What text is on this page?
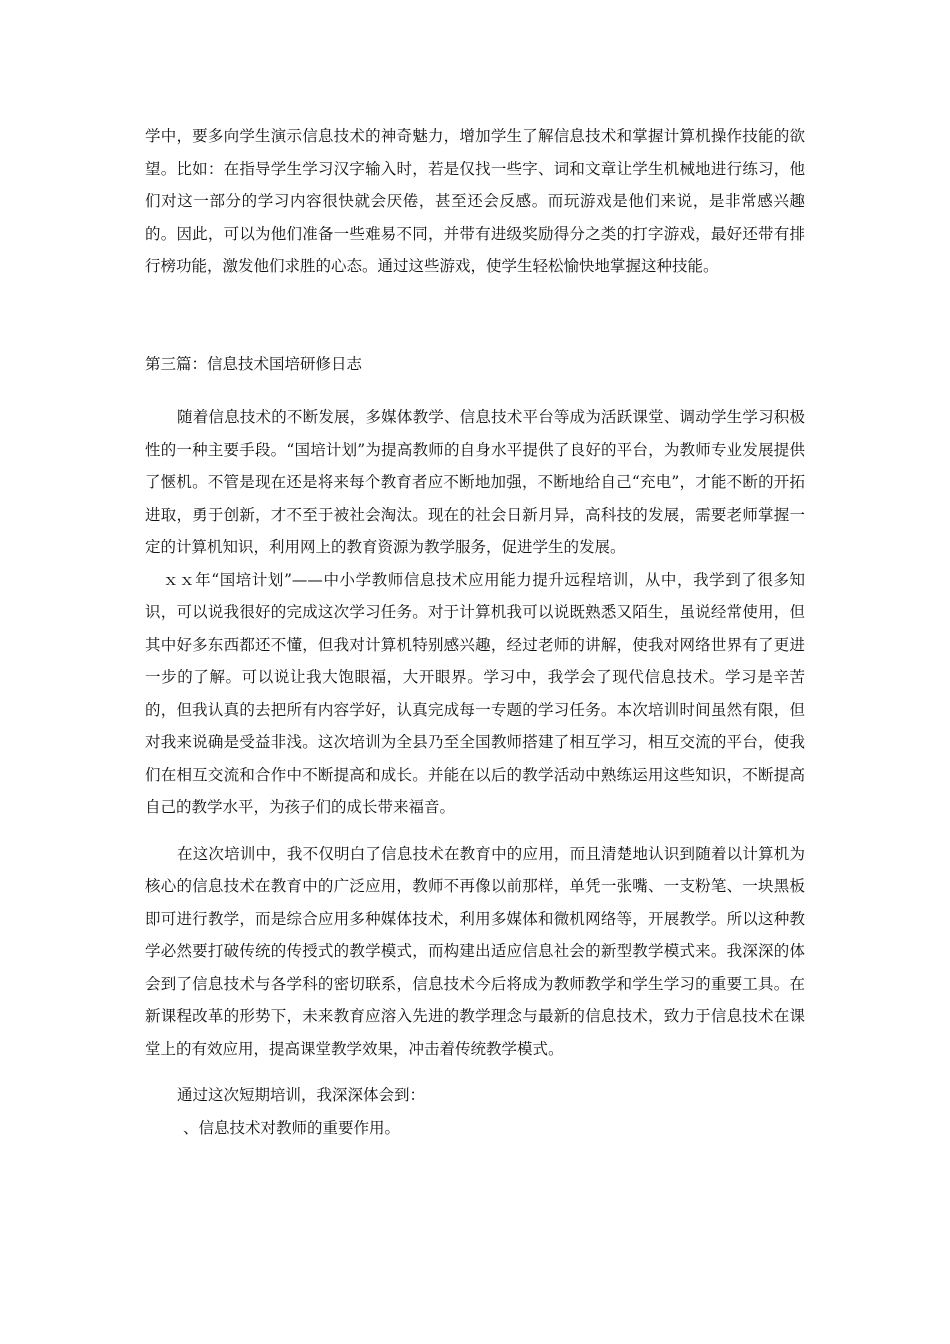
学中，要多向学生演示信息技术的神奇魅力，增加学生了解信息技术和掌握计算机操作技能的欲望。比如：在指导学生学习汉字输入时，若是仅找一些字、词和文章让学生机械地进行练习，他们对这一部分的学习内容很快就会厌倦，甚至还会反感。而玩游戏是他们来说，是非常感兴趣的。因此，可以为他们准备一些难易不同，并带有进级奖励得分之类的打字游戏，最好还带有排行榜功能，激发他们求胜的心态。通过这些游戏，使学生轻松愉快地掌握这种技能。

第三篇：信息技术国培研修日志

随着信息技术的不断发展，多媒体教学、信息技术平台等成为活跃课堂、调动学生学习积极性的一种主要手段。“国培计划”为提高教师的自身水平提供了良好的平台，为教师专业发展提供了愜机。不管是现在还是将来每个教育者应不断地加强，不断地给自己“充电”，才能不断的开拓进取，勇于创新，才不至于被社会淘汰。现在的社会日新月异，高科技的发展，需要老师掌握一定的计算机知识，利用网上的教育资源为教学服务，促进学生的发展。

ｘｘ年“国培计划”——中小学教师信息技术应用能力提升远程培训，从中，我学到了很多知识，可以说我很好的完成这次学习任务。对于计算机我可以说既熟悉又陌生，虽说经常使用，但其中好多东西都还不懂，但我对计算机特别感兴趣，经过老师的讲解，使我对网络世界有了更进一步的了解。可以说让我大饱眼福，大开眼界。学习中，我学会了现代信息技术。学习是辛苦的，但我认真的去把所有内容学好，认真完成每一专题的学习任务。本次培训时间虽然有限，但对我来说确是受益非浅。这次培训为全县乃至全国教师搭建了相互学习，相互交流的平台，使我们在相互交流和合作中不断提高和成长。并能在以后的教学活动中熟练运用这些知识，不断提高自己的教学水平，为孩子们的成长带来福音。

在这次培训中，我不仅明白了信息技术在教育中的应用，而且清楚地认识到随着以计算机为核心的信息技术在教育中的广泛应用，教师不再像以前那样，单凭一张嘴、一支粉笔、一块黑板即可进行教学，而是综合应用多种媒体技术，利用多媒体和微机网络等，开展教学。所以这种教学必然要打破传统的传授式的教学模式，而构建出适应信息社会的新型教学模式来。我深深的体会到了信息技术与各学科的密切联系，信息技术今后将成为教师教学和学生学习的重要工具。在新课程改革的形势下，未来教育应溶入先进的教学理念与最新的信息技术，致力于信息技术在课堂上的有效应用，提高课堂教学效果，冲击着传统教学模式。

通过这次短期培训，我深深体会到：

、信息技术对教师的重要作用。
